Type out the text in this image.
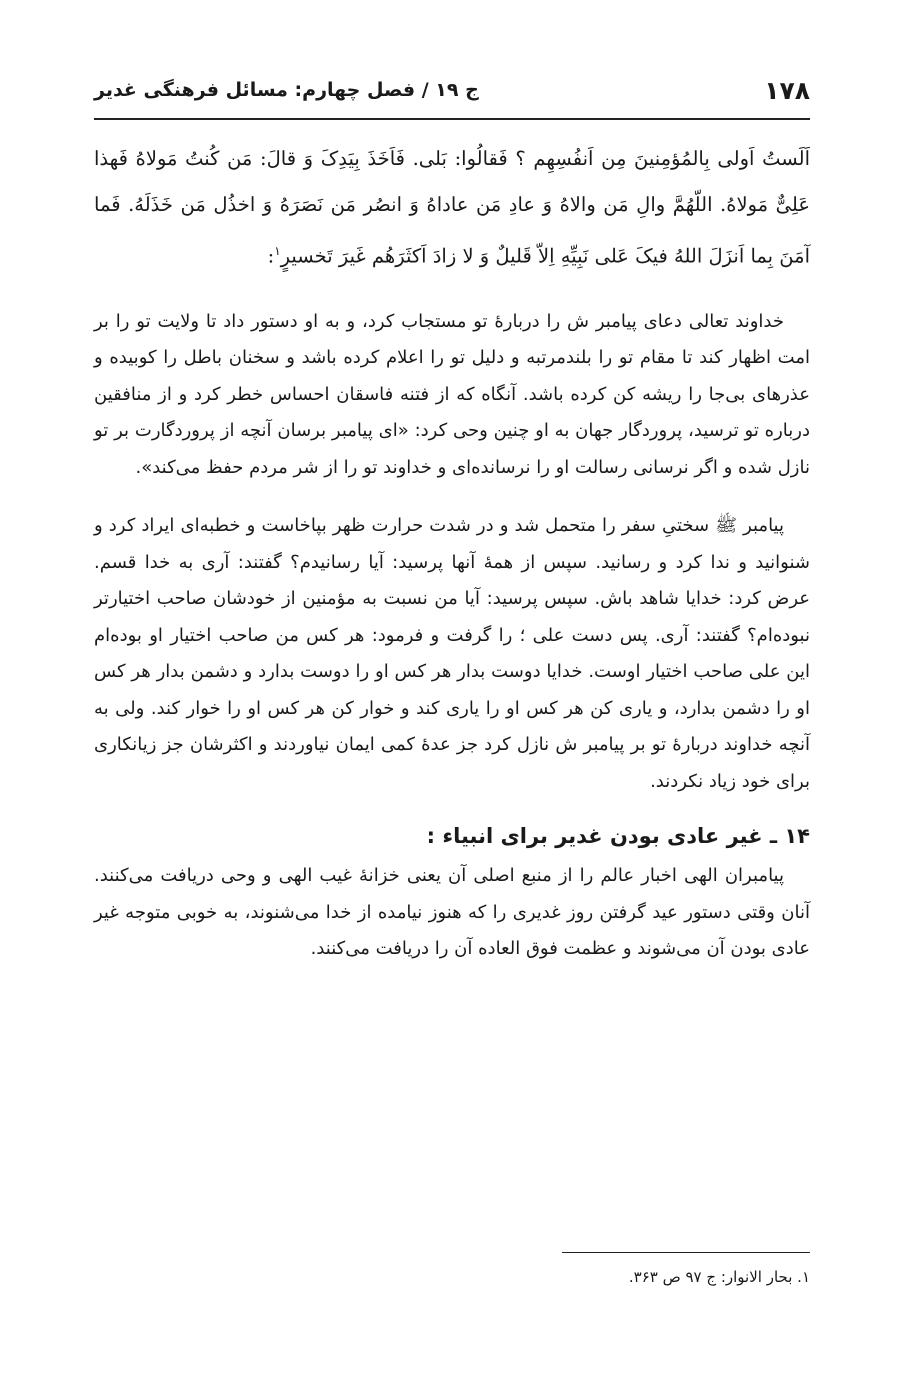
۱۷۸
ج ۱۹ / فصل چهارم: مسائل فرهنگی غدیر

اَلَستُ اَولی بِالمُؤمِنینَ مِن اَنفُسِهِم ؟ فَقالُوا: بَلی. فَاَخَذَ بِیَدِکَ وَ قالَ: مَن کُنتُ مَولاهُ فَهذا عَلِیٌّ مَولاهُ. اللّهُمَّ والِ مَن والاهُ وَ عادِ مَن عاداهُ وَ انصُر مَن نَصَرَهُ وَ اخذُل مَن خَذَلَهُ. فَما آمَنَ بِما اَنزَلَ اللهُ فیکَ عَلی نَبِیِّهِ اِلاّ قَلیلٌ وَ لا زادَ اَکثَرَهُم غَیرَ تَخسیرٍ$^۱$:

خداوند تعالی دعای پیامبر ش را دربارۀ تو مستجاب کرد، و به او دستور داد تا ولایت تو را بر امت اظهار کند تا مقام تو را بلندمرتبه و دلیل تو را اعلام کرده باشد و سخنان باطل را کوبیده و عذرهای بی‌جا را ریشه کن کرده باشد. آنگاه که از فتنه فاسقان احساس خطر کرد و از منافقین درباره تو ترسید، پروردگار جهان به او چنین وحی کرد: «ای پیامبر برسان آنچه از پروردگارت بر تو نازل شده و اگر نرسانی رسالت او را نرسانده‌ای و خداوند تو را از شر مردم حفظ می‌کند».

پیامبر ﷺ سختیِ سفر را متحمل شد و در شدت حرارت ظهر بپاخاست و خطبه‌ای ایراد کرد و شنوانید و ندا کرد و رسانید. سپس از همۀ آنها پرسید: آیا رسانیدم؟ گفتند: آری به خدا قسم. عرض کرد: خدایا شاهد باش. سپس پرسید: آیا من نسبت به مؤمنین از خودشان صاحب اختیارتر نبوده‌ام؟ گفتند: آری. پس دست علی ؛ را گرفت و فرمود: هر کس من صاحب اختیار او بوده‌ام این علی صاحب اختیار اوست. خدایا دوست بدار هر کس او را دوست بدارد و دشمن بدار هر کس او را دشمن بدارد، و یاری کن هر کس او را یاری کند و خوار کن هر کس او را خوار کند. ولی به آنچه خداوند دربارۀ تو بر پیامبر ش نازل کرد جز عدۀ کمی ایمان نیاوردند و اکثرشان جز زیانکاری برای خود زیاد نکردند.

۱۴ ـ غیر عادی بودن غدیر برای انبیاء :

پیامبران الهی اخبار عالم را از منبع اصلی آن یعنی خزانۀ غیب الهی و وحی دریافت می‌کنند. آنان وقتی دستور عید گرفتن روز غدیری را که هنوز نیامده از خدا می‌شنوند، به خوبی متوجه غیر عادی بودن آن می‌شوند و عظمت فوق العاده آن را دریافت می‌کنند.

۱. بحار الانوار: ج ۹۷ ص ۳۶۳.
